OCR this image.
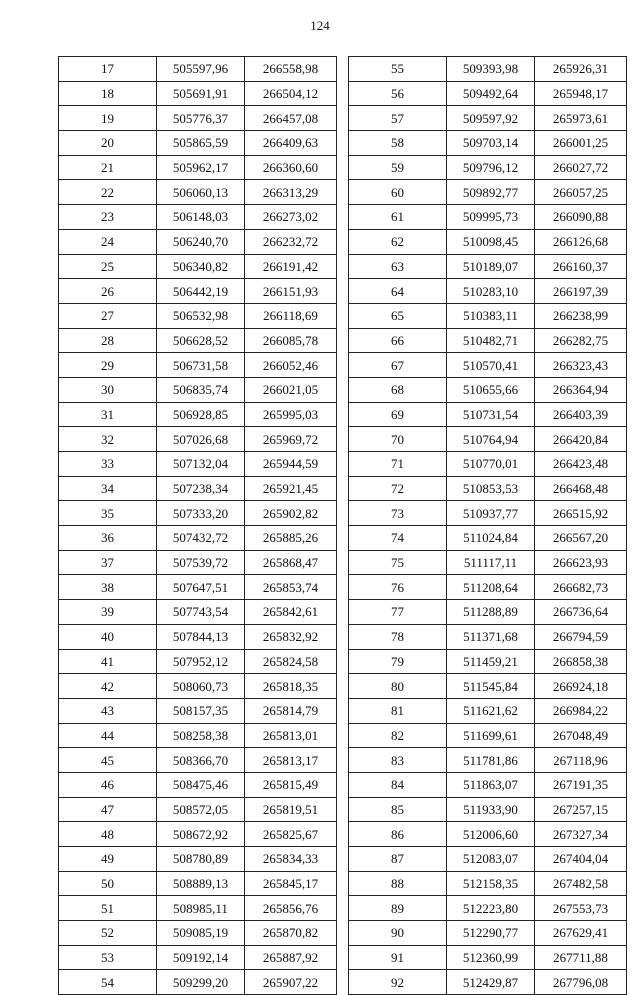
124
17	505597,96	266558,98
18	505691,91	266504,12
19	505776,37	266457,08
20	505865,59	266409,63
21	505962,17	266360,60
22	506060,13	266313,29
23	506148,03	266273,02
24	506240,70	266232,72
25	506340,82	266191,42
26	506442,19	266151,93
27	506532,98	266118,69
28	506628,52	266085,78
29	506731,58	266052,46
30	506835,74	266021,05
31	506928,85	265995,03
32	507026,68	265969,72
33	507132,04	265944,59
34	507238,34	265921,45
35	507333,20	265902,82
36	507432,72	265885,26
37	507539,72	265868,47
38	507647,51	265853,74
39	507743,54	265842,61
40	507844,13	265832,92
41	507952,12	265824,58
42	508060,73	265818,35
43	508157,35	265814,79
44	508258,38	265813,01
45	508366,70	265813,17
46	508475,46	265815,49
47	508572,05	265819,51
48	508672,92	265825,67
49	508780,89	265834,33
50	508889,13	265845,17
51	508985,11	265856,76
52	509085,19	265870,82
53	509192,14	265887,92
54	509299,20	265907,22
55	509393,98	265926,31
56	509492,64	265948,17
57	509597,92	265973,61
58	509703,14	266001,25
59	509796,12	266027,72
60	509892,77	266057,25
61	509995,73	266090,88
62	510098,45	266126,68
63	510189,07	266160,37
64	510283,10	266197,39
65	510383,11	266238,99
66	510482,71	266282,75
67	510570,41	266323,43
68	510655,66	266364,94
69	510731,54	266403,39
70	510764,94	266420,84
71	510770,01	266423,48
72	510853,53	266468,48
73	510937,77	266515,92
74	511024,84	266567,20
75	511117,11	266623,93
76	511208,64	266682,73
77	511288,89	266736,64
78	511371,68	266794,59
79	511459,21	266858,38
80	511545,84	266924,18
81	511621,62	266984,22
82	511699,61	267048,49
83	511781,86	267118,96
84	511863,07	267191,35
85	511933,90	267257,15
86	512006,60	267327,34
87	512083,07	267404,04
88	512158,35	267482,58
89	512223,80	267553,73
90	512290,77	267629,41
91	512360,99	267711,88
92	512429,87	267796,08
